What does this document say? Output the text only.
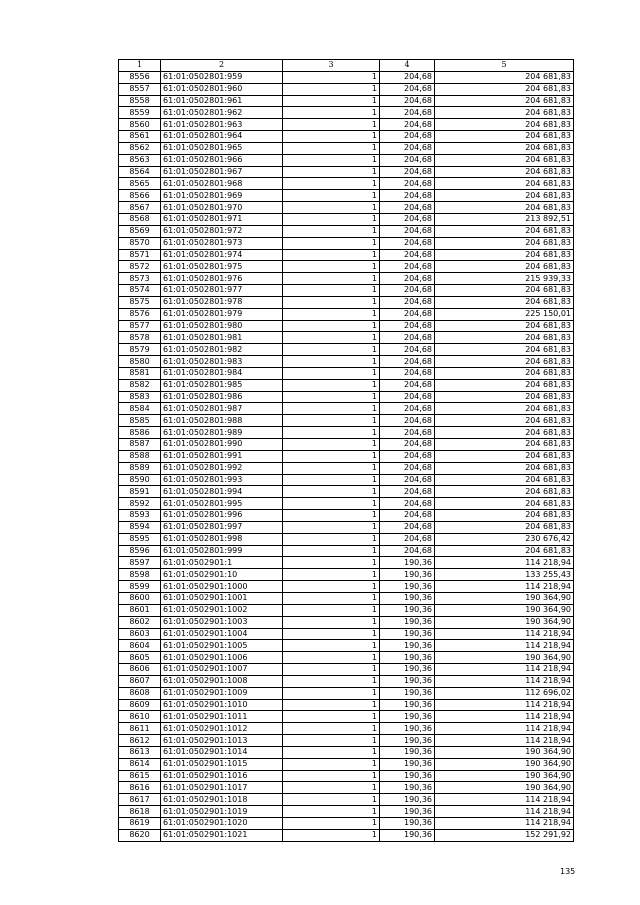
1	2	3	4	5
8556	61:01:0502801:959	1	204,68	204 681,83
8557	61:01:0502801:960	1	204,68	204 681,83
8558	61:01:0502801:961	1	204,68	204 681,83
8559	61:01:0502801:962	1	204,68	204 681,83
8560	61:01:0502801:963	1	204,68	204 681,83
8561	61:01:0502801:964	1	204,68	204 681,83
8562	61:01:0502801:965	1	204,68	204 681,83
8563	61:01:0502801:966	1	204,68	204 681,83
8564	61:01:0502801:967	1	204,68	204 681,83
8565	61:01:0502801:968	1	204,68	204 681,83
8566	61:01:0502801:969	1	204,68	204 681,83
8567	61:01:0502801:970	1	204,68	204 681,83
8568	61:01:0502801:971	1	204,68	213 892,51
8569	61:01:0502801:972	1	204,68	204 681,83
8570	61:01:0502801:973	1	204,68	204 681,83
8571	61:01:0502801:974	1	204,68	204 681,83
8572	61:01:0502801:975	1	204,68	204 681,83
8573	61:01:0502801:976	1	204,68	215 939,33
8574	61:01:0502801:977	1	204,68	204 681,83
8575	61:01:0502801:978	1	204,68	204 681,83
8576	61:01:0502801:979	1	204,68	225 150,01
8577	61:01:0502801:980	1	204,68	204 681,83
8578	61:01:0502801:981	1	204,68	204 681,83
8579	61:01:0502801:982	1	204,68	204 681,83
8580	61:01:0502801:983	1	204,68	204 681,83
8581	61:01:0502801:984	1	204,68	204 681,83
8582	61:01:0502801:985	1	204,68	204 681,83
8583	61:01:0502801:986	1	204,68	204 681,83
8584	61:01:0502801:987	1	204,68	204 681,83
8585	61:01:0502801:988	1	204,68	204 681,83
8586	61:01:0502801:989	1	204,68	204 681,83
8587	61:01:0502801:990	1	204,68	204 681,83
8588	61:01:0502801:991	1	204,68	204 681,83
8589	61:01:0502801:992	1	204,68	204 681,83
8590	61:01:0502801:993	1	204,68	204 681,83
8591	61:01:0502801:994	1	204,68	204 681,83
8592	61:01:0502801:995	1	204,68	204 681,83
8593	61:01:0502801:996	1	204,68	204 681,83
8594	61:01:0502801:997	1	204,68	204 681,83
8595	61:01:0502801:998	1	204,68	230 676,42
8596	61:01:0502801:999	1	204,68	204 681,83
8597	61:01:0502901:1	1	190,36	114 218,94
8598	61:01:0502901:10	1	190,36	133 255,43
8599	61:01:0502901:1000	1	190,36	114 218,94
8600	61:01:0502901:1001	1	190,36	190 364,90
8601	61:01:0502901:1002	1	190,36	190 364,90
8602	61:01:0502901:1003	1	190,36	190 364,90
8603	61:01:0502901:1004	1	190,36	114 218,94
8604	61:01:0502901:1005	1	190,36	114 218,94
8605	61:01:0502901:1006	1	190,36	190 364,90
8606	61:01:0502901:1007	1	190,36	114 218,94
8607	61:01:0502901:1008	1	190,36	114 218,94
8608	61:01:0502901:1009	1	190,36	112 696,02
8609	61:01:0502901:1010	1	190,36	114 218,94
8610	61:01:0502901:1011	1	190,36	114 218,94
8611	61:01:0502901:1012	1	190,36	114 218,94
8612	61:01:0502901:1013	1	190,36	114 218,94
8613	61:01:0502901:1014	1	190,36	190 364,90
8614	61:01:0502901:1015	1	190,36	190 364,90
8615	61:01:0502901:1016	1	190,36	190 364,90
8616	61:01:0502901:1017	1	190,36	190 364,90
8617	61:01:0502901:1018	1	190,36	114 218,94
8618	61:01:0502901:1019	1	190,36	114 218,94
8619	61:01:0502901:1020	1	190,36	114 218,94
8620	61:01:0502901:1021	1	190,36	152 291,92
135
